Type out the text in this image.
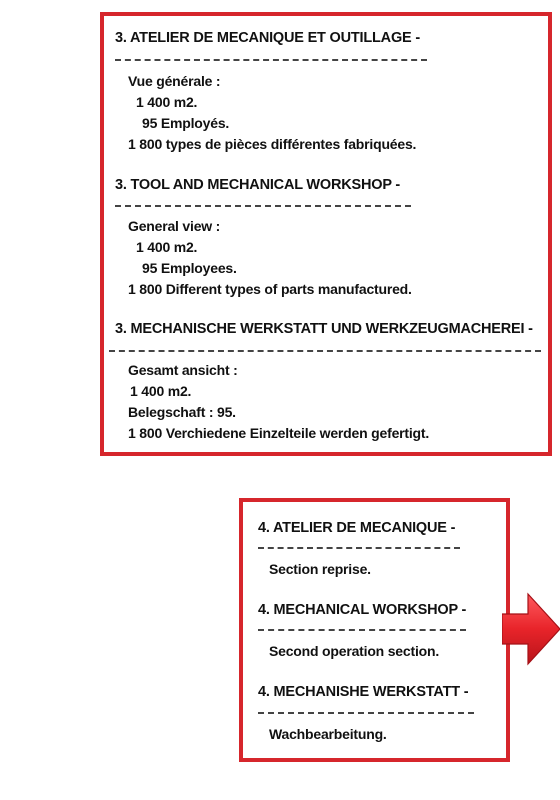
3. ATELIER DE MECANIQUE ET OUTILLAGE -
Vue générale :
1 400 m2.
95 Employés.
1 800 types de pièces différentes fabriquées.
3. TOOL AND MECHANICAL WORKSHOP -
General view :
1 400 m2.
95 Employees.
1 800 Different types of parts manufactured.
3. MECHANISCHE WERKSTATT UND WERKZEUGMACHEREI -
Gesamt ansicht :
1 400 m2.
Belegschaft : 95.
1 800 Verchiedene Einzelteile werden gefertigt.
4. ATELIER DE MECANIQUE -
Section reprise.
4. MECHANICAL WORKSHOP -
Second operation section.
4. MECHANISHE WERKSTATT -
Wachbearbeitung.
